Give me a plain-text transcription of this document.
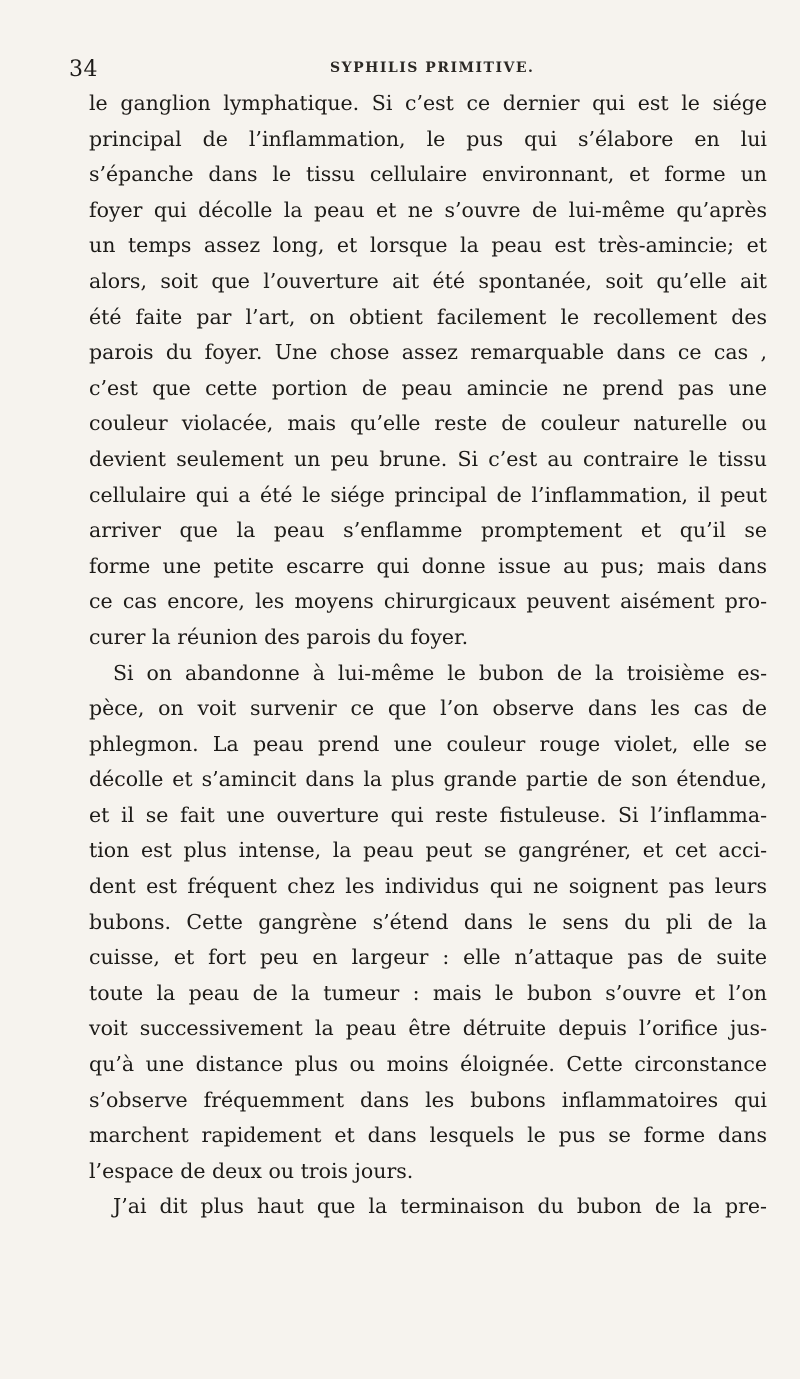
34	SYPHILIS PRIMITIVE.
le ganglion lymphatique. Si c’est ce dernier qui est le siége
principal de l’inflammation, le pus qui s’élabore en lui
s’épanche dans le tissu cellulaire environnant, et forme un
foyer qui décolle la peau et ne s’ouvre de lui-même qu’après
un temps assez long, et lorsque la peau est très-amincie; et
alors, soit que l’ouverture ait été spontanée, soit qu’elle ait
été faite par l’art, on obtient facilement le recollement des
parois du foyer. Une chose assez remarquable dans ce cas ,
c’est que cette portion de peau amincie ne prend pas une
couleur violacée, mais qu’elle reste de couleur naturelle ou
devient seulement un peu brune. Si c’est au contraire le tissu
cellulaire qui a été le siége principal de l’inflammation, il peut
arriver que la peau s’enflamme promptement et qu’il se
forme une petite escarre qui donne issue au pus; mais dans
ce cas encore, les moyens chirurgicaux peuvent aisément pro-
curer la réunion des parois du foyer.
Si on abandonne à lui-même le bubon de la troisième es-
pèce, on voit survenir ce que l’on observe dans les cas de
phlegmon. La peau prend une couleur rouge violet, elle se
décolle et s’amincit dans la plus grande partie de son étendue,
et il se fait une ouverture qui reste fistuleuse. Si l’inflamma-
tion est plus intense, la peau peut se gangréner, et cet acci-
dent est fréquent chez les individus qui ne soignent pas leurs
bubons. Cette gangrène s’étend dans le sens du pli de la
cuisse, et fort peu en largeur : elle n’attaque pas de suite
toute la peau de la tumeur : mais le bubon s’ouvre et l’on
voit successivement la peau être détruite depuis l’orifice jus-
qu’à une distance plus ou moins éloignée. Cette circonstance
s’observe fréquemment dans les bubons inflammatoires qui
marchent rapidement et dans lesquels le pus se forme dans
l’espace de deux ou trois jours.
J’ai dit plus haut que la terminaison du bubon de la pre-
